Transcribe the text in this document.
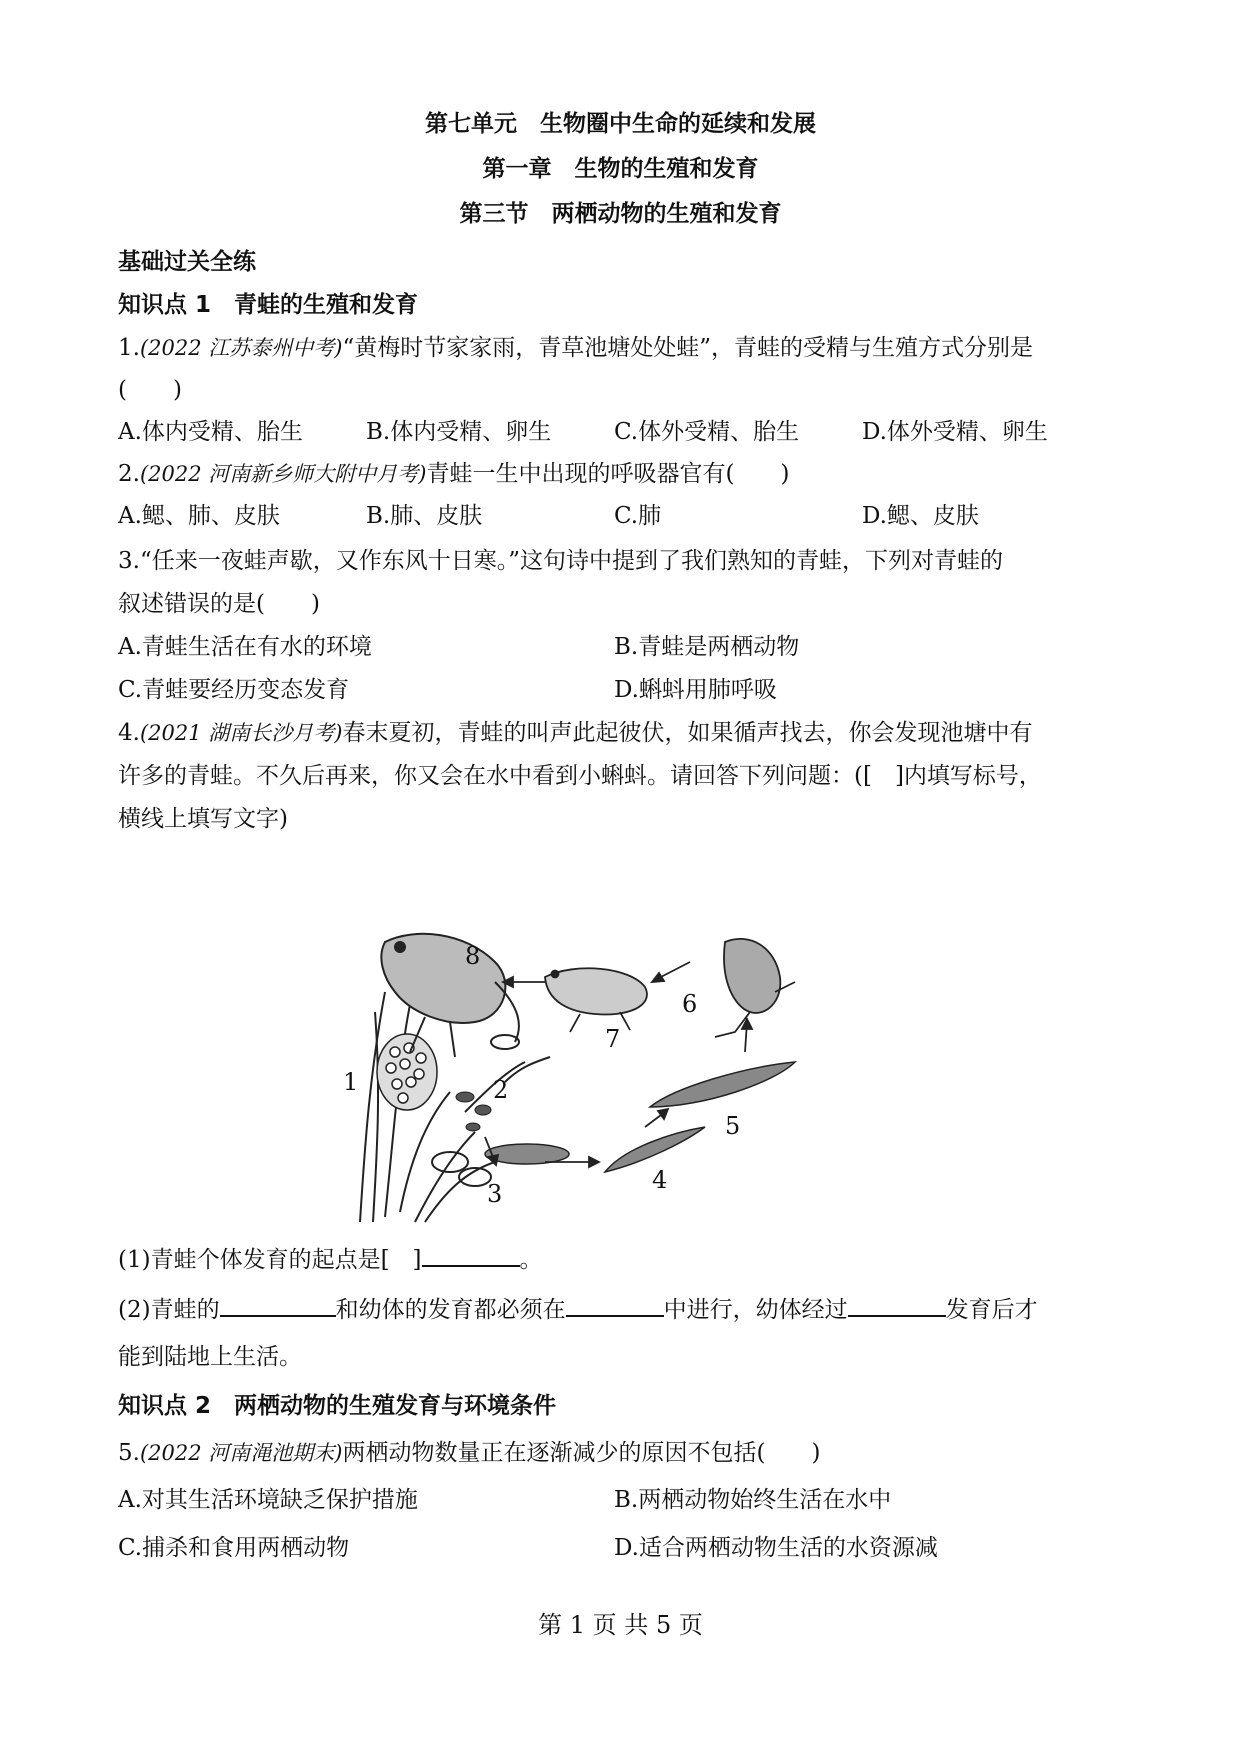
第七单元　生物圈中生命的延续和发展
第一章　生物的生殖和发育
第三节　两栖动物的生殖和发育
基础过关全练
知识点 1　青蛙的生殖和发育
1.(2022 江苏泰州中考)“黄梅时节家家雨，青草池塘处处蛙”，青蛙的受精与生殖方式分别是
(　　)
A.体内受精、胎生	B.体内受精、卵生	C.体外受精、胎生	D.体外受精、卵生
2.(2022 河南新乡师大附中月考)青蛙一生中出现的呼吸器官有(　　)
A.鳃、肺、皮肤	B.肺、皮肤	C.肺	D.鳃、皮肤
3.“任来一夜蛙声歇，又作东风十日寒。”这句诗中提到了我们熟知的青蛙，下列对青蛙的
叙述错误的是(　　)
A.青蛙生活在有水的环境	B.青蛙是两栖动物
C.青蛙要经历变态发育	D.蝌蚪用肺呼吸
4.(2021 湖南长沙月考)春末夏初，青蛙的叫声此起彼伏，如果循声找去，你会发现池塘中有
许多的青蛙。不久后再来，你又会在水中看到小蝌蚪。请回答下列问题：([　]内填写标号，
横线上填写文字)
1	2
3	4
5
6
7
8
(1)青蛙个体发育的起点是[　]	。
(2)青蛙的	和幼体的发育都必须在	中进行，幼体经过	发育后才
能到陆地上生活。
知识点 2　两栖动物的生殖发育与环境条件
5.(2022 河南渑池期末)两栖动物数量正在逐渐减少的原因不包括(　　)
A.对其生活环境缺乏保护措施	B.两栖动物始终生活在水中
C.捕杀和食用两栖动物	D.适合两栖动物生活的水资源减
第 1 页 共 5 页
